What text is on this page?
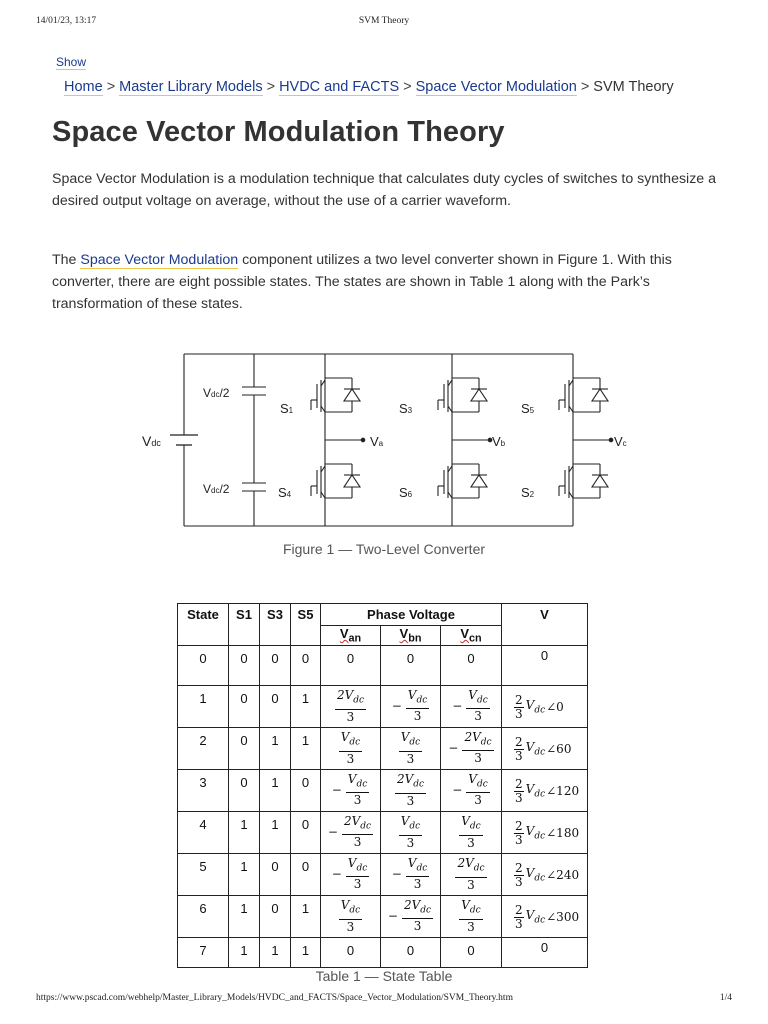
14/01/23, 13:17	SVM Theory
Show
Home > Master Library Models > HVDC and FACTS > Space Vector Modulation > SVM Theory
Space Vector Modulation Theory

Space Vector Modulation is a modulation technique that calculates duty cycles of switches to synthesize a desired output voltage on average, without the use of a carrier waveform.

The Space Vector Modulation component utilizes a two level converter shown in Figure 1. With this converter, there are eight possible states. The states are shown in Table 1 along with the Park’s transformation of these states.

Vdc
Vdc/2
Vdc/2
S1	S3	S5
S4	S6	S2
Va	Vb	Vc
Figure 1 — Two-Level Converter
State	S1	S3	S5	Phase Voltage			V
				$V_{an}$	$V_{bn}$	$V_{cn}$
0	0	0	0	0	0	0	0
1	0	0	1	$\frac{2V_{dc}}{3}$	− $\frac{V_{dc}}{3}$	− $\frac{V_{dc}}{3}$	$\frac{2}{3} V_{dc}$ ∠0

2	0	1	1	$\frac{V_{dc}}{3}$	$\frac{V_{dc}}{3}$	− $\frac{2V_{dc}}{3}$	$\frac{2}{3} V_{dc}$ ∠60

3	0	1	0	− $\frac{V_{dc}}{3}$	$\frac{2V_{dc}}{3}$	− $\frac{V_{dc}}{3}$	$\frac{2}{3} V_{dc}$ ∠120

4	1	1	0	− $\frac{2V_{dc}}{3}$	$\frac{V_{dc}}{3}$	$\frac{V_{dc}}{3}$	$\frac{2}{3} V_{dc}$ ∠180

5	1	0	0	− $\frac{V_{dc}}{3}$	− $\frac{V_{dc}}{3}$	$\frac{2V_{dc}}{3}$	$\frac{2}{3} V_{dc}$ ∠240

6	1	0	1	$\frac{V_{dc}}{3}$	− $\frac{2V_{dc}}{3}$	$\frac{V_{dc}}{3}$	$\frac{2}{3} V_{dc}$ ∠300

7	1	1	1	0	0	0	0
Table 1 — State Table
https://www.pscad.com/webhelp/Master_Library_Models/HVDC_and_FACTS/Space_Vector_Modulation/SVM_Theory.htm	1/4
